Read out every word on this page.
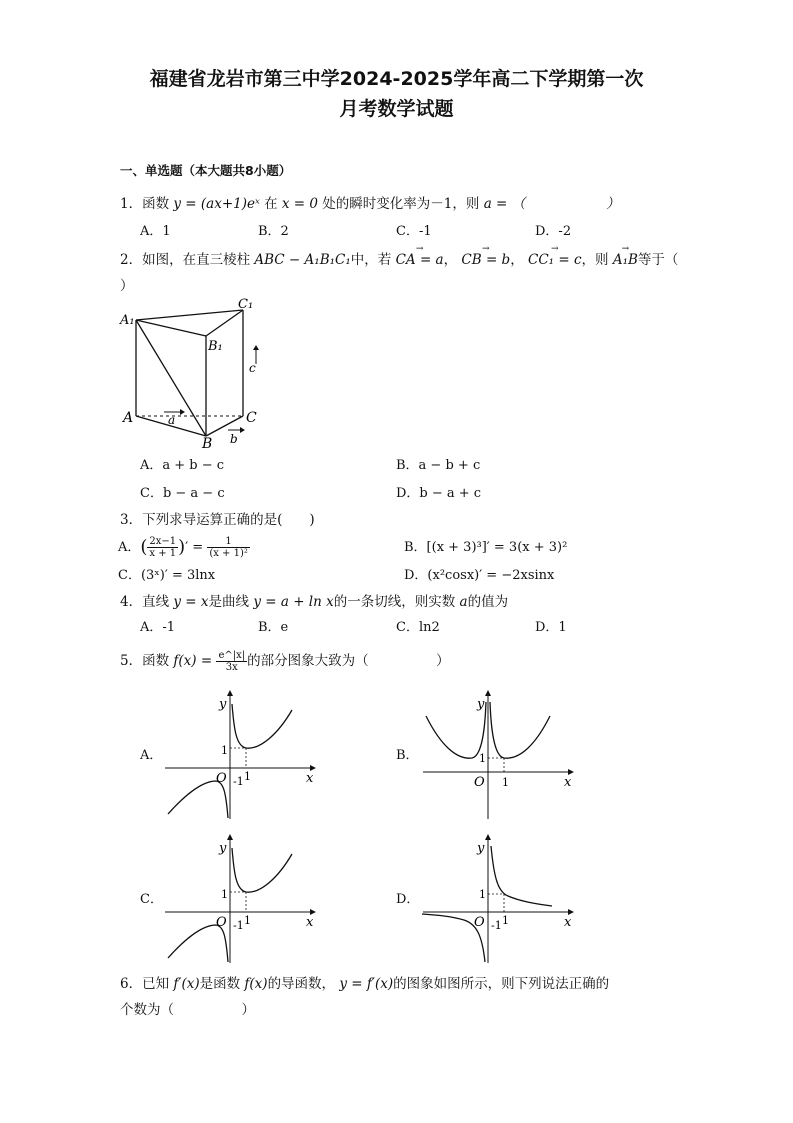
福建省龙岩市第三中学2024-2025学年高二下学期第一次
月考数学试题
一、单选题（本大题共8小题）
1．函数 y = (ax+1)eˣ 在 x = 0 处的瞬时变化率为－1，则 a = （　　　　　　）
A．1	B．2	C．-1	D．-2
2．如图，在直三棱柱 ABC − A₁B₁C₁中，若 → CA = a， → CB = b， → CC₁ = c，则 → A₁B等于（
）
A₁
C₁
B₁
A
B
C
a
b
c
A．a + b − c	B．a − b + c
C．b − a − c	D．b − a + c
3．下列求导运算正确的是(　　)
A．( $\frac{2x-1}{x + 1}$ )′ = $\frac{1}{\text{(x + 1)²}}$	B．[(x + 3)³]′ = 3(x + 3)²
C．(3ˣ)′ = 3lnx	D．(x²cosx)′ = −2xsinx
4．直线 y = x是曲线 y = a + ln x的一条切线，则实数 a的值为
A．-1	B．e	C．ln2	D．1
5．函数 $f(x) = \frac{e\^{}|x|}{3x}$ 的部分图象大致为（　　　　　）
A．	B．
C．	D．
y
x
O
1
1
-1
y
x
O
1
1
y
x
O
1
1
-1
y
x
O
1
1
-1
6．已知 f′(x)是函数 f(x)的导函数， y = f′(x)的图象如图所示，则下列说法正确的
个数为（　　　　　）
